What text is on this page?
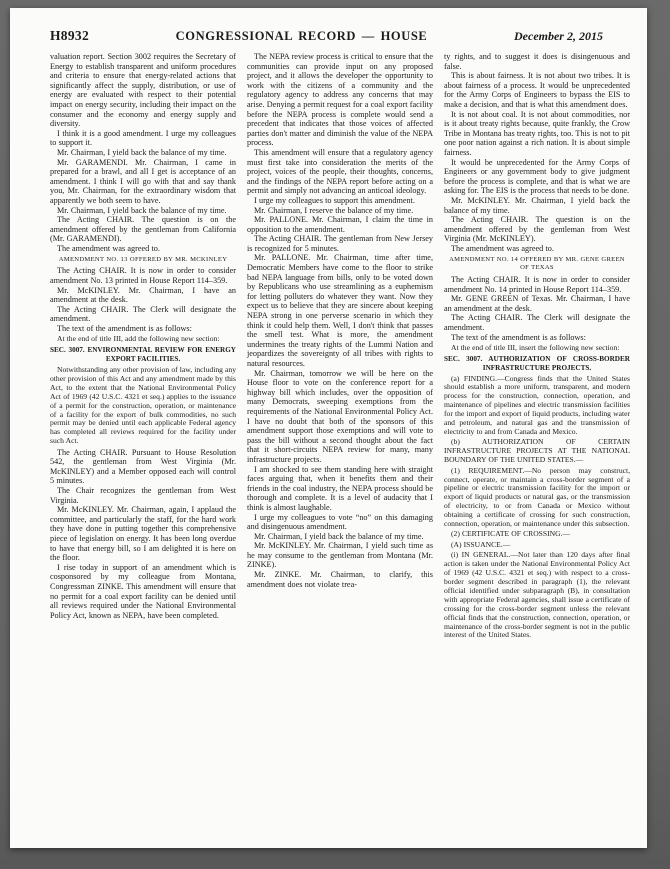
H8932	CONGRESSIONAL RECORD — HOUSE	December 2, 2015

valuation report. Section 3002 requires the Secretary of Energy to establish transparent and uniform procedures and criteria to ensure that energy-related actions that significantly affect the supply, distribution, or use of energy are evaluated with respect to their potential impact on energy security, including their impact on the consumer and the economy and energy supply and diversity.

I think it is a good amendment. I urge my colleagues to support it.

Mr. Chairman, I yield back the balance of my time.

Mr. GARAMENDI. Mr. Chairman, I came in prepared for a brawl, and all I get is acceptance of an amendment. I think I will go with that and say thank you, Mr. Chairman, for the extraordinary wisdom that apparently we both seem to have.

Mr. Chairman, I yield back the balance of my time.

The Acting CHAIR. The question is on the amendment offered by the gentleman from California (Mr. GARAMENDI).

The amendment was agreed to.

AMENDMENT NO. 13 OFFERED BY MR. MCKINLEY

The Acting CHAIR. It is now in order to consider amendment No. 13 printed in House Report 114–359.

Mr. McKINLEY. Mr. Chairman, I have an amendment at the desk.

The Acting CHAIR. The Clerk will designate the amendment.

The text of the amendment is as follows:

At the end of title III, add the following new section:

SEC. 3007. ENVIRONMENTAL REVIEW FOR ENERGY EXPORT FACILITIES.

Notwithstanding any other provision of law, including any other provision of this Act and any amendment made by this Act, to the extent that the National Environmental Policy Act of 1969 (42 U.S.C. 4321 et seq.) applies to the issuance of a permit for the construction, operation, or maintenance of a facility for the export of bulk commodities, no such permit may be denied until each applicable Federal agency has completed all reviews required for the facility under such Act.

The Acting CHAIR. Pursuant to House Resolution 542, the gentleman from West Virginia (Mr. McKINLEY) and a Member opposed each will control 5 minutes.

The Chair recognizes the gentleman from West Virginia.

Mr. McKINLEY. Mr. Chairman, again, I applaud the committee, and particularly the staff, for the hard work they have done in putting together this comprehensive piece of legislation on energy. It has been long overdue to have that energy bill, so I am delighted it is here on the floor.

I rise today in support of an amendment which is cosponsored by my colleague from Montana, Congressman ZINKE. This amendment will ensure that no permit for a coal export facility can be denied until all reviews required under the National Environmental Policy Act, known as NEPA, have been completed.

The NEPA review process is critical to ensure that the communities can provide input on any proposed project, and it allows the developer the opportunity to work with the citizens of a community and the regulatory agency to address any concerns that may arise. Denying a permit request for a coal export facility before the NEPA process is complete would send a precedent that indicates that those voices of affected parties don't matter and diminish the value of the NEPA process.

This amendment will ensure that a regulatory agency must first take into consideration the merits of the project, voices of the people, their thoughts, concerns, and the findings of the NEPA report before acting on a permit and simply not advancing an anticoal ideology.

I urge my colleagues to support this amendment.

Mr. Chairman, I reserve the balance of my time.

Mr. PALLONE. Mr. Chairman, I claim the time in opposition to the amendment.

The Acting CHAIR. The gentleman from New Jersey is recognized for 5 minutes.

Mr. PALLONE. Mr. Chairman, time after time, Democratic Members have come to the floor to strike bad NEPA language from bills, only to be voted down by Republicans who use streamlining as a euphemism for letting polluters do whatever they want. Now they expect us to believe that they are sincere about keeping NEPA strong in one perverse scenario in which they think it could help them. Well, I don't think that passes the smell test. What is more, the amendment undermines the treaty rights of the Lummi Nation and jeopardizes the sovereignty of all tribes with rights to natural resources.

Mr. Chairman, tomorrow we will be here on the House floor to vote on the conference report for a highway bill which includes, over the opposition of many Democrats, sweeping exemptions from the requirements of the National Environmental Policy Act. I have no doubt that both of the sponsors of this amendment support those exemptions and will vote to pass the bill without a second thought about the fact that it short-circuits NEPA review for many, many infrastructure projects.

I am shocked to see them standing here with straight faces arguing that, when it benefits them and their friends in the coal industry, the NEPA process should be thorough and complete. It is a level of audacity that I think is almost laughable.

I urge my colleagues to vote “no” on this damaging and disingenuous amendment.

Mr. Chairman, I yield back the balance of my time.

Mr. McKINLEY. Mr. Chairman, I yield such time as he may consume to the gentleman from Montana (Mr. ZINKE).

Mr. ZINKE. Mr. Chairman, to clarify, this amendment does not violate trea-

ty rights, and to suggest it does is disingenuous and false.

This is about fairness. It is not about two tribes. It is about fairness of a process. It would be unprecedented for the Army Corps of Engineers to bypass the EIS to make a decision, and that is what this amendment does.

It is not about coal. It is not about commodities, nor is it about treaty rights because, quite frankly, the Crow Tribe in Montana has treaty rights, too. This is not to pit one poor nation against a rich nation. It is about simple fairness.

It would be unprecedented for the Army Corps of Engineers or any government body to give judgment before the process is complete, and that is what we are asking for. The EIS is the process that needs to be done.

Mr. McKINLEY. Mr. Chairman, I yield back the balance of my time.

The Acting CHAIR. The question is on the amendment offered by the gentleman from West Virginia (Mr. McKINLEY).

The amendment was agreed to.

AMENDMENT NO. 14 OFFERED BY MR. GENE GREEN OF TEXAS

The Acting CHAIR. It is now in order to consider amendment No. 14 printed in House Report 114–359.

Mr. GENE GREEN of Texas. Mr. Chairman, I have an amendment at the desk.

The Acting CHAIR. The Clerk will designate the amendment.

The text of the amendment is as follows:

At the end of title III, insert the following new section:

SEC. 3007. AUTHORIZATION OF CROSS-BORDER INFRASTRUCTURE PROJECTS.

(a) FINDING.—Congress finds that the United States should establish a more uniform, transparent, and modern process for the construction, connection, operation, and maintenance of pipelines and electric transmission facilities for the import and export of liquid products, including water and petroleum, and natural gas and the transmission of electricity to and from Canada and Mexico.

(b) AUTHORIZATION OF CERTAIN INFRASTRUCTURE PROJECTS AT THE NATIONAL BOUNDARY OF THE UNITED STATES.—

(1) REQUIREMENT.—No person may construct, connect, operate, or maintain a cross-border segment of a pipeline or electric transmission facility for the import or export of liquid products or natural gas, or the transmission of electricity, to or from Canada or Mexico without obtaining a certificate of crossing for such construction, connection, operation, or maintenance under this subsection.

(2) CERTIFICATE OF CROSSING.—

(A) ISSUANCE.—

(i) IN GENERAL.—Not later than 120 days after final action is taken under the National Environmental Policy Act of 1969 (42 U.S.C. 4321 et seq.) with respect to a cross-border segment described in paragraph (1), the relevant official identified under subparagraph (B), in consultation with appropriate Federal agencies, shall issue a certificate of crossing for the cross-border segment unless the relevant official finds that the construction, connection, operation, or maintenance of the cross-border segment is not in the public interest of the United States.
